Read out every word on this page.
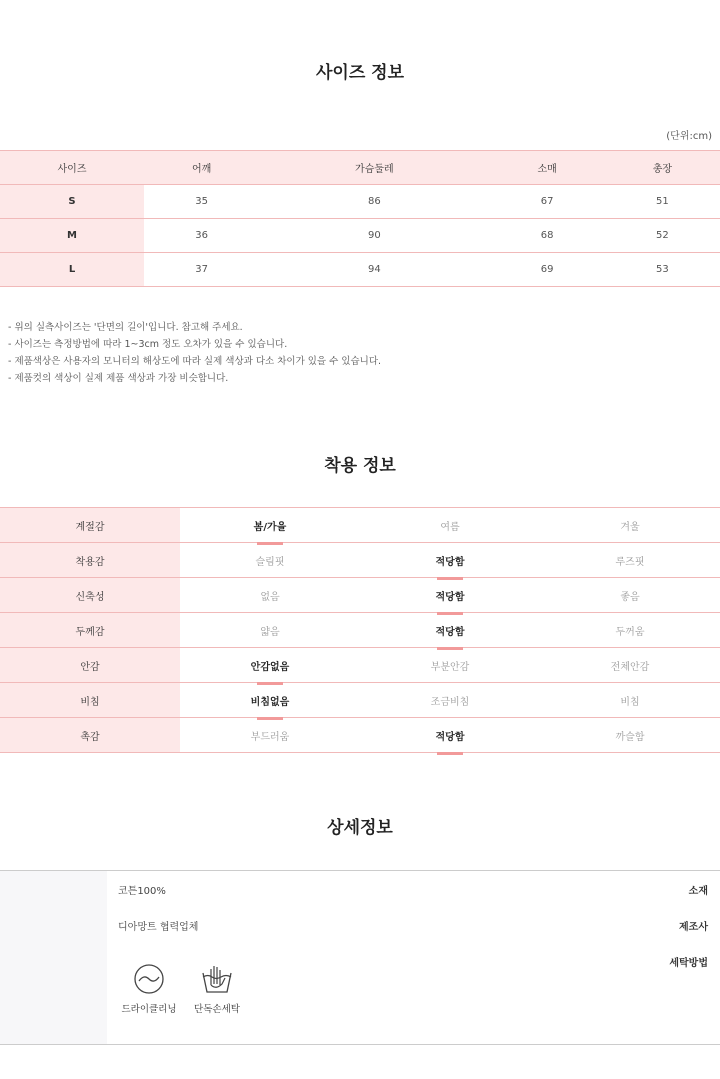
사이즈 정보
(단위:cm)
사이즈	어깨	가슴둘레	소매	총장
S	35	86	67	51
M	36	90	68	52
L	37	94	69	53
- 위의 실측사이즈는 '단면의 길이'입니다. 참고해 주세요.
- 사이즈는 측정방법에 따라 1~3cm 정도 오차가 있을 수 있습니다.
- 제품색상은 사용자의 모니터의 해상도에 따라 실제 색상과 다소 차이가 있을 수 있습니다.
- 제품컷의 색상이 실제 제품 색상과 가장 비슷합니다.
착용 정보
계절감	봄/가을	여름	겨울
착용감	슬림핏	적당함	루즈핏
신축성	없음	적당함	좋음
두께감	얇음	적당함	두꺼움
안감	안감없음	부분안감	전체안감
비침	비침없음	조금비침	비침
촉감	부드러움	적당함	까슬함
상세정보
소재
코튼100%
제조사
디아망트 협력업체
세탁방법
드라이클리닝	단독손세탁
